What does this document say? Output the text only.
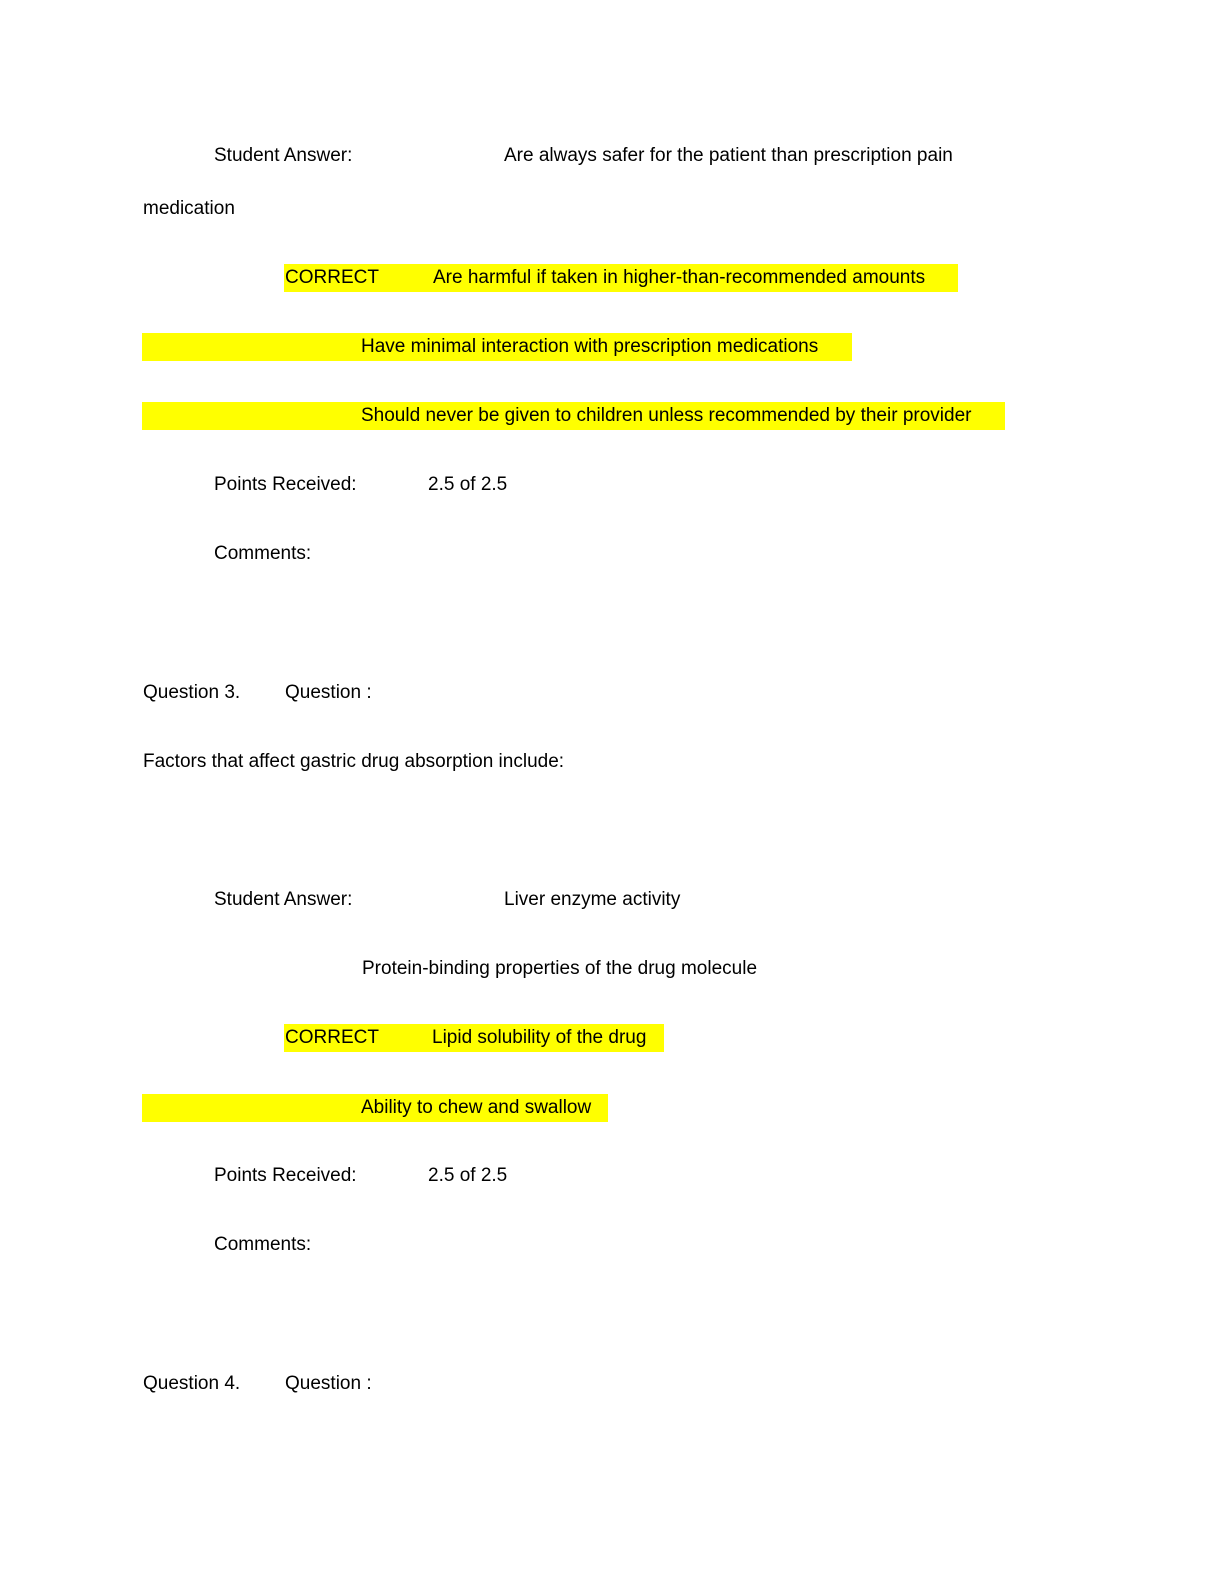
Student Answer:	Are always safer for the patient than prescription pain
medication
CORRECT	Are harmful if taken in higher-than-recommended amounts
Have minimal interaction with prescription medications
Should never be given to children unless recommended by their provider
Points Received:	2.5 of 2.5
Comments:
Question 3. Question :
Factors that affect gastric drug absorption include:
Student Answer:	Liver enzyme activity
Protein-binding properties of the drug molecule
CORRECT	Lipid solubility of the drug
Ability to chew and swallow
Points Received:	2.5 of 2.5
Comments:
Question 4. Question :
